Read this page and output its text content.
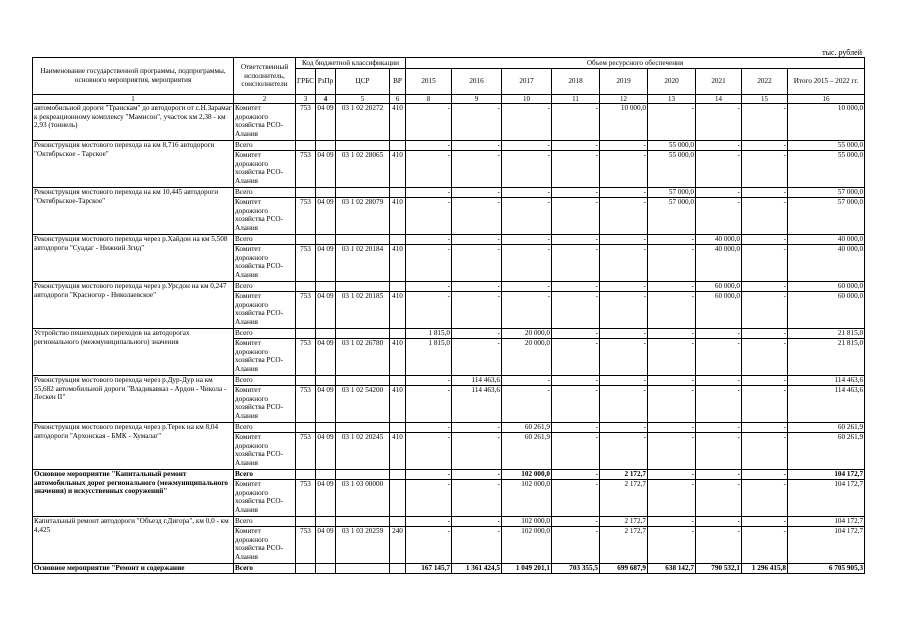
тыс. рублей
Наименование государственной программы, подпрограммы, основного мероприятия, мероприятия	Ответственный исполнитель, соисполнители	Код бюджетной классификации				Объем ресурсного обеспечения								
		ГРБС	РзПр	ЦСР	ВР	2015	2016	2017	2018	2019	2020	2021	2022	Итого 2015 – 2022 гг.
1	2	3	4	5	6	8	9	10	11	12	13	14	15	16
автомобильной дороги "Транскам" до автодороги от с.Н.Зарамаг к рекреационному комплексу "Мамисон", участок км 2,38 - км 2,93 (тоннель)	Комитет дорожного хозяйства РСО-Алания	753	04 09	03 1 02 20272	410	-	-	-	-	10 000,0	-	-	-	10 000,0
Реконструкция мостового перехода на км 8,716 автодороги "Октябрьское - Тарское"	Всего					-	-	-	-	-	55 000,0	-	-	55 000,0
	Комитет дорожного хозяйства РСО-Алания	753	04 09	03 1 02 28065	410	-	-	-	-	-	55 000,0	-	-	55 000,0
Реконструкция мостового перехода на км 10,445 автодороги "Октябрьское-Тарское"	Всего					-	-	-	-	-	57 000,0	-	-	57 000,0
	Комитет дорожного хозяйства РСО-Алания	753	04 09	03 1 02 28079	410	-	-	-	-	-	57 000,0	-	-	57 000,0
Реконструкция мостового перехода через р.Хайдон на км 5,508 автодороги "Суадаг - Нижний Згид"	Всего					-	-	-	-	-	-	40 000,0	-	40 000,0
	Комитет дорожного хозяйства РСО-Алания	753	04 09	03 1 02 20184	410	-	-	-	-	-	-	40 000,0	-	40 000,0
Реконструкция мостового перехода через р.Урсдон на км 0,247 автодороги "Красногор - Николаевское"	Всего					-	-	-	-	-	-	60 000,0	-	60 000,0
	Комитет дорожного хозяйства РСО-Алания	753	04 09	03 1 02 20185	410	-	-	-	-	-	-	60 000,0	-	60 000,0
Устройство пешеходных переходов на автодорогах регионального (межмуниципального) значения	Всего					1 815,0	-	20 000,0	-	-	-	-	-	21 815,0
	Комитет дорожного хозяйства РСО-Алания	753	04 09	03 1 02 26780	410	1 815,0	-	20 000,0	-	-	-	-	-	21 815,0
Реконструкция мостового перехода через р.Дур-Дур на км 55,682 автомобильной дороги "Владикавказ - Ардон - Чикола - Лескен II"	Всего					-	114 463,6	-	-	-	-	-	-	114 463,6
	Комитет дорожного хозяйства РСО-Алания	753	04 09	03 1 02 54200	410	-	114 463,6	-	-	-	-	-	-	114 463,6
Реконструкция мостового перехода через р.Терек на км 8,04 автодороги "Архонская - БМК - Хумалаг"	Всего					-	-	60 261,9	-	-	-	-	-	60 261,9
	Комитет дорожного хозяйства РСО-Алания	753	04 09	03 1 02 20245	410	-	-	60 261,9	-	-	-	-	-	60 261,9
Основное мероприятие "Капитальный ремонт автомобильных дорог регионального (межмуниципального значения) и искусственных сооружений"	Всего					-	-	102 000,0	-	2 172,7	-	-	-	104 172,7
	Комитет дорожного хозяйства РСО-Алания	753	04 09	03 1 03 00000		-	-	102 000,0	-	2 172,7	-	-	-	104 172,7
Капитальный ремонт автодороги "Объезд г.Дигора", км 0,0 - км 4,425	Всего					-	-	102 000,0	-	2 172,7	-	-	-	104 172,7
	Комитет дорожного хозяйства РСО-Алания	753	04 09	03 1 03 20259	240	-	-	102 000,0	-	2 172,7	-	-	-	104 172,7
Основное мероприятие "Ремонт и содержание	Всего					167 145,7	1 361 424,5	1 049 201,1	703 355,5	699 687,9	638 142,7	790 532,1	1 296 415,8	6 705 905,3
